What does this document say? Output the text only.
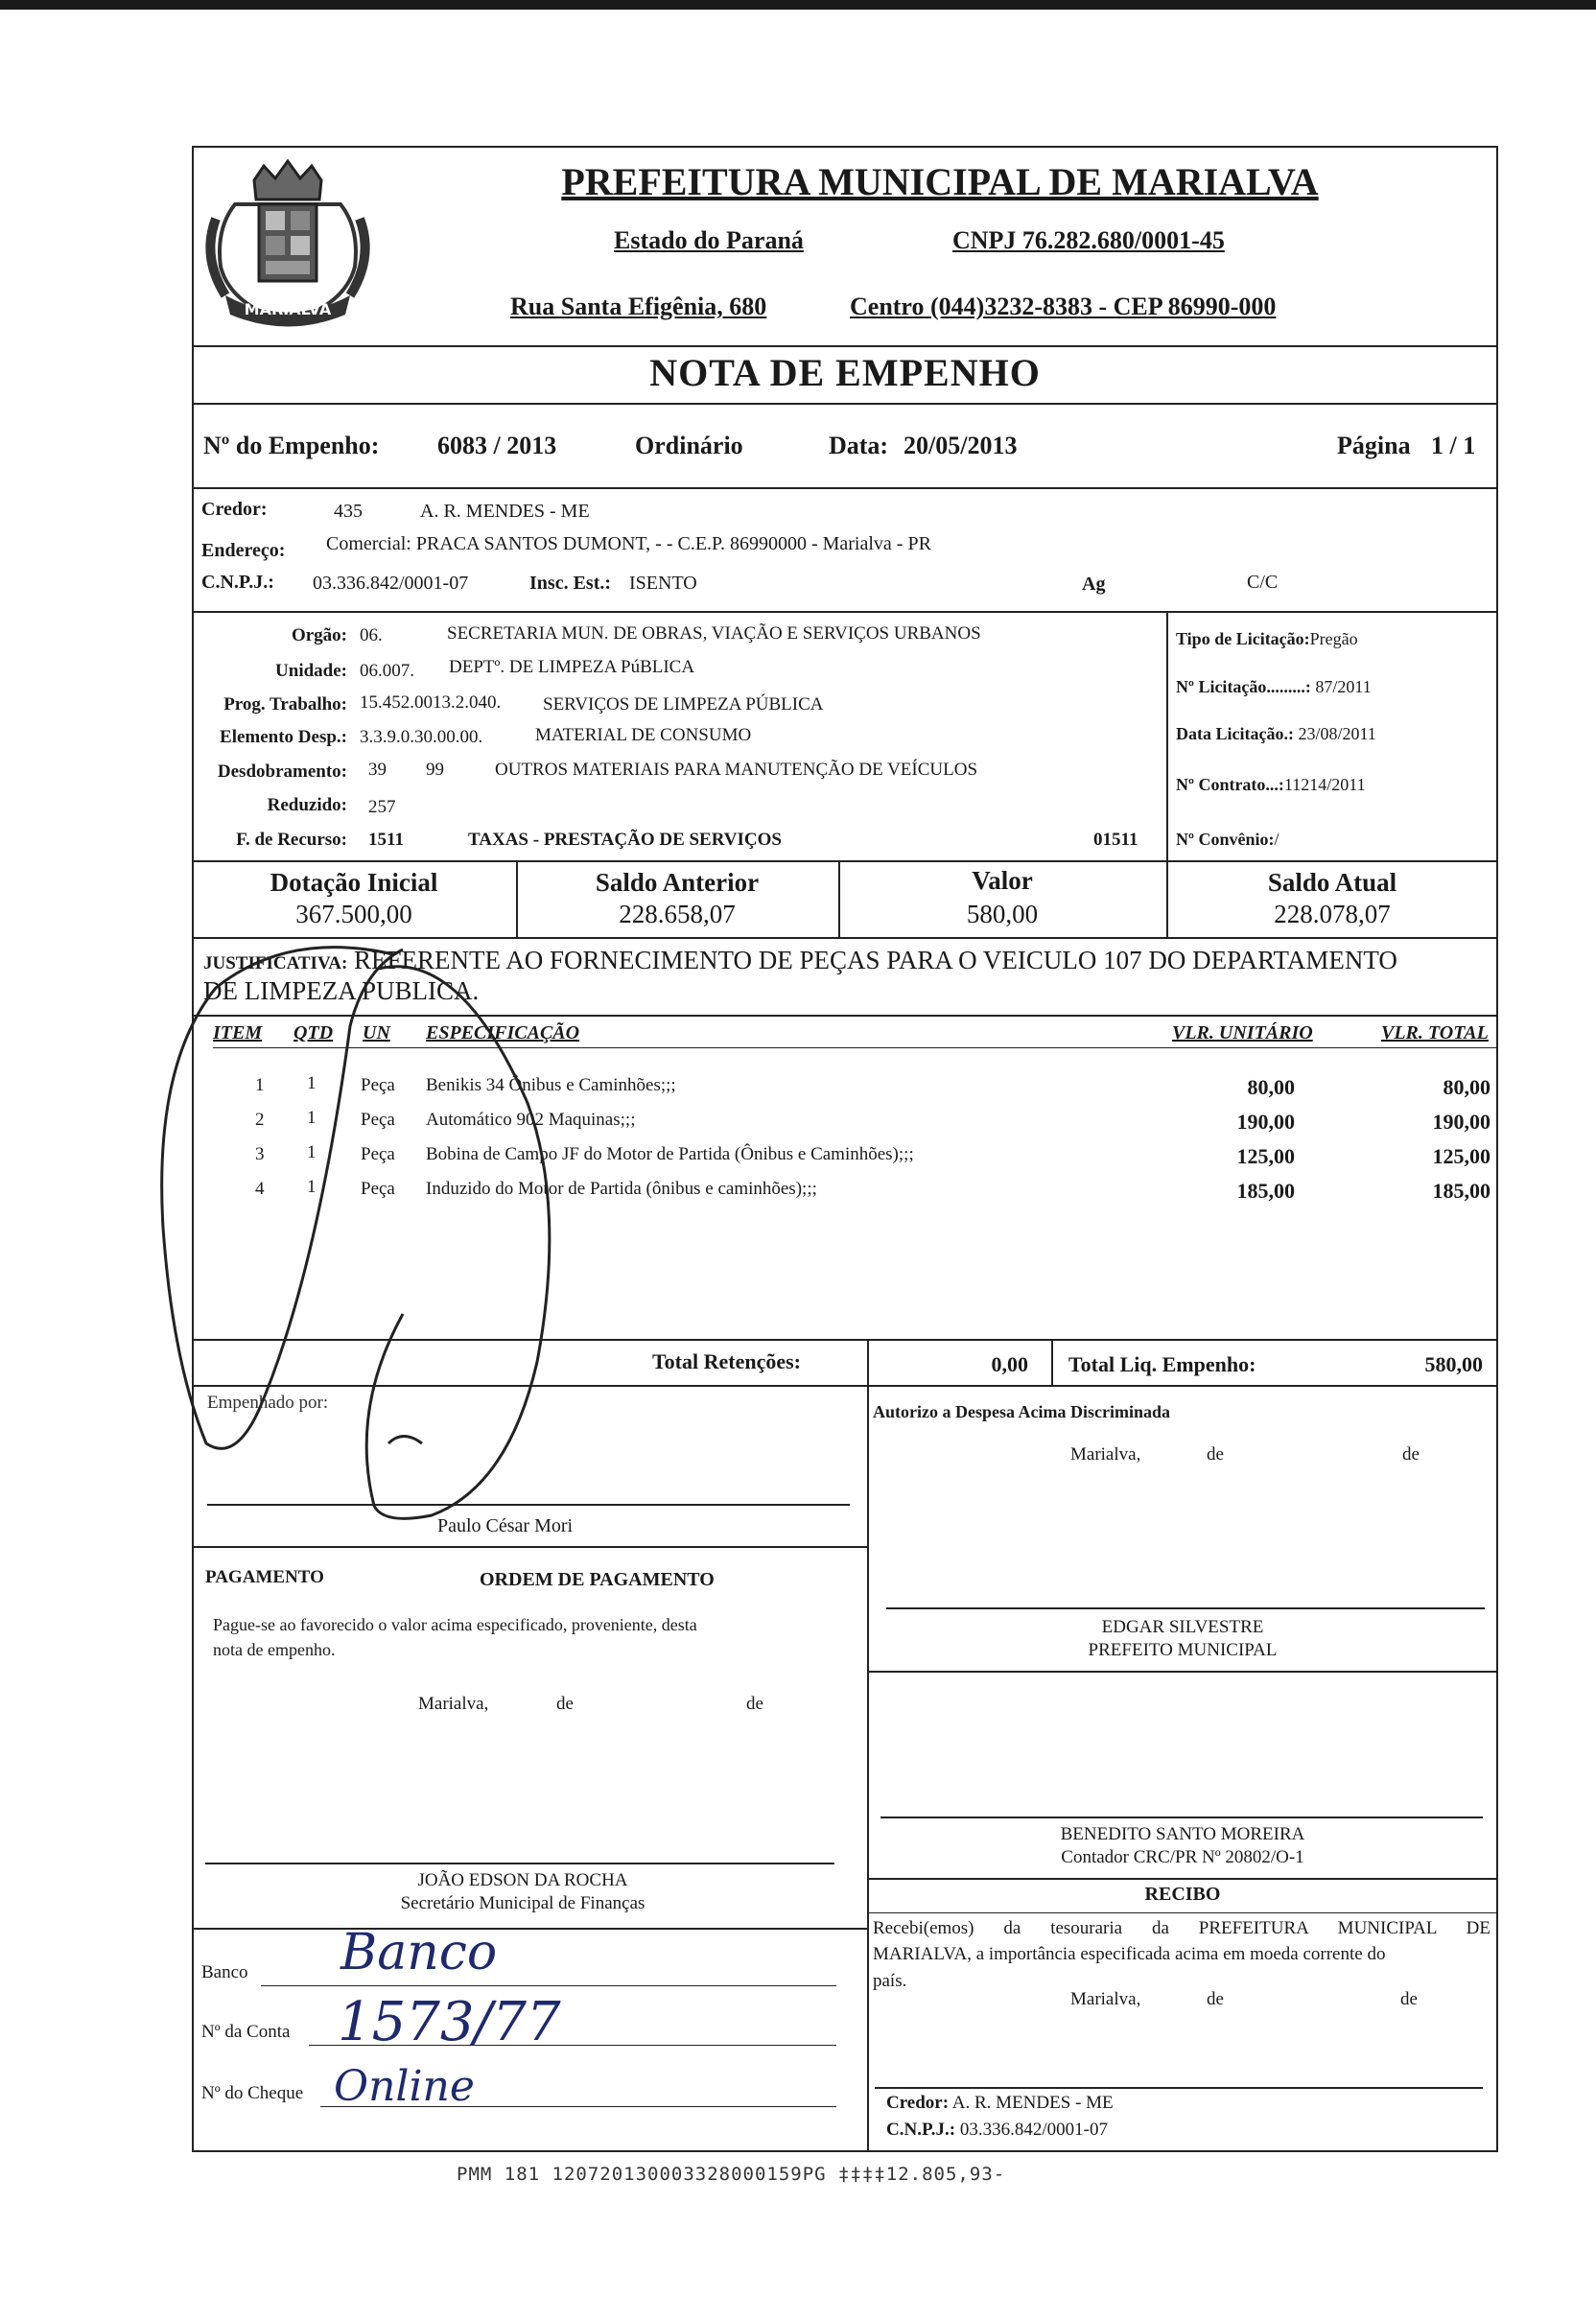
MARIALVA
PREFEITURA MUNICIPAL DE MARIALVA
Estado do Paraná	CNPJ 76.282.680/0001-45
Rua Santa Efigênia, 680	Centro (044)3232-8383 - CEP 86990-000
NOTA DE EMPENHO
Nº do Empenho: 6083 / 2013	Ordinário	Data: 20/05/2013	Página 1 / 1
Credor:	435	A. R. MENDES - ME
Endereço: Comercial: PRACA SANTOS DUMONT, - - C.E.P. 86990000 - Marialva - PR
C.N.P.J.: 03.336.842/0001-07	Insc. Est.: ISENTO	Ag	C/C
Orgão: 06.	SECRETARIA MUN. DE OBRAS, VIAÇÃO E SERVIÇOS URBANOS
Unidade: 06.007. DEPTº. DE LIMPEZA PúBLICA
Prog. Trabalho: 15.452.0013.2.040. SERVIÇOS DE LIMPEZA PÚBLICA
Elemento Desp.: 3.3.9.0.30.00.00.	MATERIAL DE CONSUMO
Desdobramento: 39 99	OUTROS MATERIAIS PARA MANUTENÇÃO DE VEÍCULOS
Reduzido: 257
F. de Recurso: 1511	TAXAS - PRESTAÇÃO DE SERVIÇOS	01511
Tipo de Licitação:Pregão
Nº Licitação.........: 87/2011
Data Licitação.: 23/08/2011
Nº Contrato...:11214/2011
Nº Convênio:/
Dotação Inicial
367.500,00
Saldo Anterior
228.658,07
Valor
580,00
Saldo Atual
228.078,07
JUSTIFICATIVA: REFERENTE AO FORNECIMENTO DE PEÇAS PARA O VEICULO 107 DO DEPARTAMENTO
DE LIMPEZA PUBLICA.
ITEM QTD UN ESPECIFICAÇÃO	VLR. UNITÁRIO	VLR. TOTAL
1 1 Peça Benikis 34 Ônibus e Caminhões;;;	80,00	80,00
2 1 Peça Automático 902 Maquinas;;;	190,00	190,00
3 1 Peça Bobina de Campo JF do Motor de Partida (Ônibus e Caminhões);;;	125,00	125,00
4 1 Peça Induzido do Motor de Partida (ônibus e caminhões);;;	185,00	185,00
Total Retenções:	0,00 Total Liq. Empenho:	580,00
Empenhado por:
Paulo César Mori
Autorizo a Despesa Acima Discriminada
Marialva,	de	de
PAGAMENTO	ORDEM DE PAGAMENTO
Pague-se ao favorecido o valor acima especificado, proveniente, desta
nota de empenho.
Marialva,	de	de
EDGAR SILVESTRE
PREFEITO MUNICIPAL
BENEDITO SANTO MOREIRA
Contador CRC/PR Nº 20802/O-1
JOÃO EDSON DA ROCHA
Secretário Municipal de Finanças	RECIBO
Recebi(emos) da tesouraria da PREFEITURA MUNICIPAL DE
MARIALVA, a importância especificada acima em moeda corrente do
país.
Marialva,	de	de
Banco Banco
Nº da Conta 1573/77
Nº do Cheque Online	Credor: A. R. MENDES - ME
C.N.P.J.: 03.336.842/0001-07
PMM 181 120720130003328000159PG ‡‡‡‡12.805,93-
